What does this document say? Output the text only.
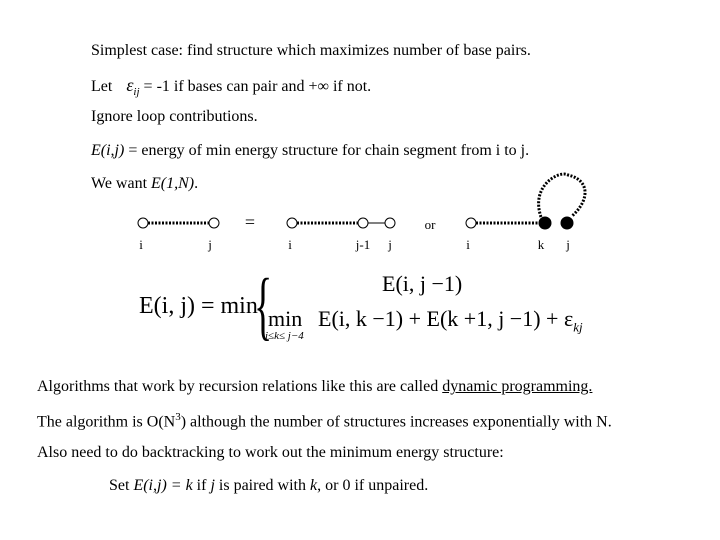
Simplest case: find structure which maximizes number of base pairs.
Let $\varepsilon_{ij} = -1$ if bases can pair and +∞ if not.
Ignore loop contributions.
E(i,j) = energy of min energy structure for chain segment from i to j.
We want E(1,N).
=	or
i	j	i	j-1 j	i	k j
E(i, j) = min
{	E(i, j −1)
min
i≤k≤ j−4
E(i, k −1) + E(k +1, $j -1) + \varepsilon_{kj}$
Algorithms that work by recursion relations like this are called dynamic programming.
The algorithm is $O(N^3)$ although the number of structures increases exponentially with N.
Also need to do backtracking to work out the minimum energy structure:
Set E(i,j) = k if j is paired with k, or 0 if unpaired.
